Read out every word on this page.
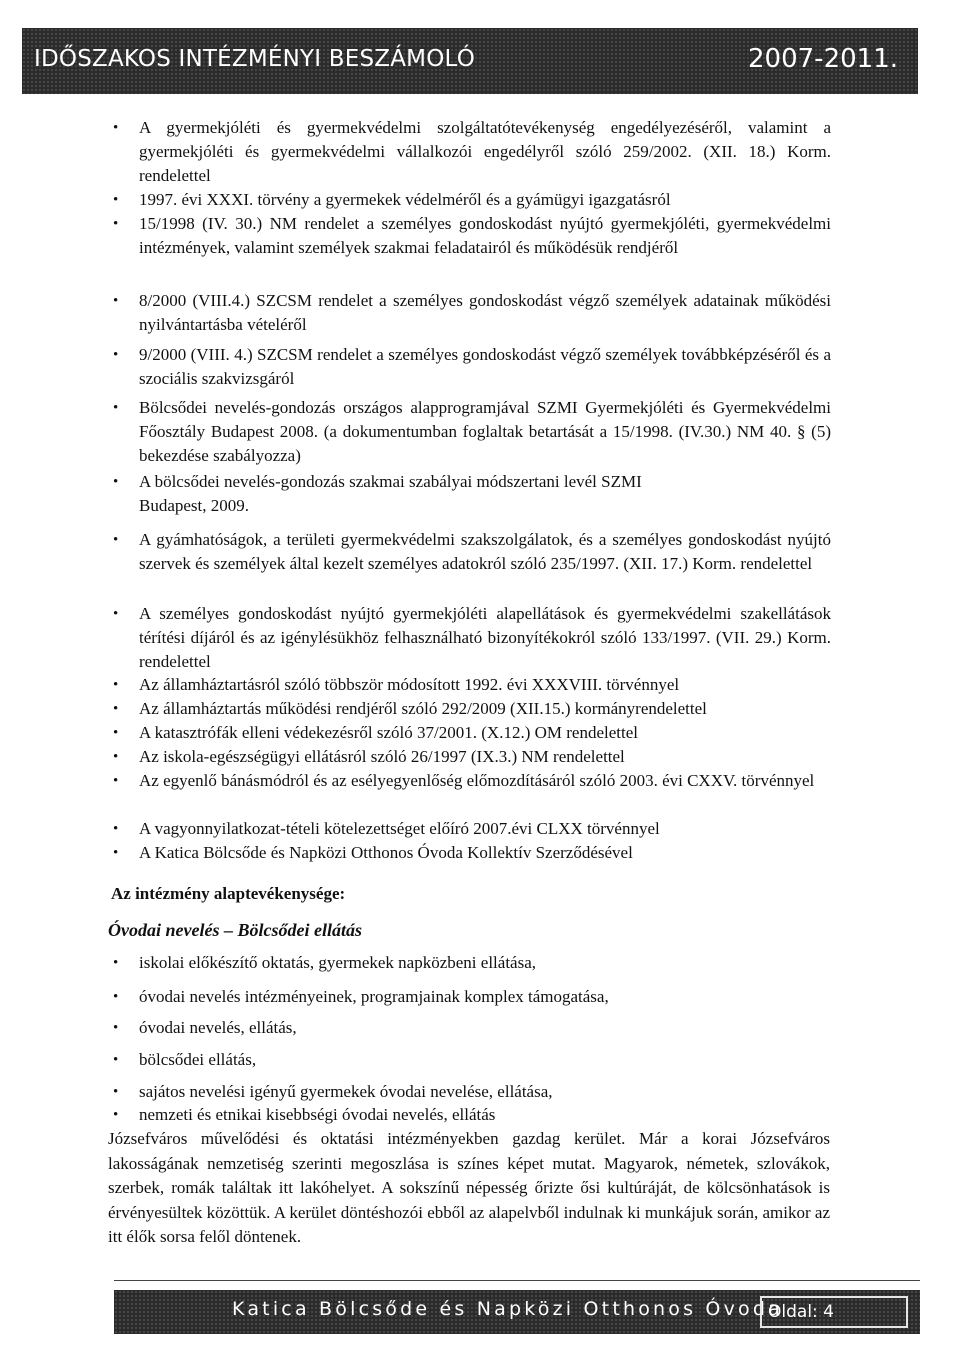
IDŐSZAKOS INTÉZMÉNYI BESZÁMOLÓ	2007-2011.
• A gyermekjóléti és gyermekvédelmi szolgáltatótevékenység engedélyezéséről, valamint a gyermekjóléti és gyermekvédelmi vállalkozói engedélyről szóló 259/2002. (XII. 18.) Korm. rendelettel
• 1997. évi XXXI. törvény a gyermekek védelméről és a gyámügyi igazgatásról
• 15/1998 (IV. 30.) NM rendelet a személyes gondoskodást nyújtó gyermekjóléti, gyermekvédelmi intézmények, valamint személyek szakmai feladatairól és működésük rendjéről
• 8/2000 (VIII.4.) SZCSM rendelet a személyes gondoskodást végző személyek adatainak működési nyilvántartásba vételéről
• 9/2000 (VIII. 4.) SZCSM rendelet a személyes gondoskodást végző személyek továbbképzéséről és a szociális szakvizsgáról
• Bölcsődei nevelés-gondozás országos alapprogramjával SZMI Gyermekjóléti és Gyermekvédelmi Főosztály Budapest 2008. (a dokumentumban foglaltak betartását a 15/1998. (IV.30.) NM 40. § (5) bekezdése szabályozza)
• A bölcsődei nevelés-gondozás szakmai szabályai módszertani levél SZMI Budapest, 2009.
• A gyámhatóságok, a területi gyermekvédelmi szakszolgálatok, és a személyes gondoskodást nyújtó szervek és személyek által kezelt személyes adatokról szóló 235/1997. (XII. 17.) Korm. rendelettel
• A személyes gondoskodást nyújtó gyermekjóléti alapellátások és gyermekvédelmi szakellátások térítési díjáról és az igénylésükhöz felhasználható bizonyítékokról szóló 133/1997. (VII. 29.) Korm. rendelettel
• Az államháztartásról szóló többször módosított 1992. évi XXXVIII. törvénnyel
• Az államháztartás működési rendjéről szóló 292/2009 (XII.15.) kormányrendelettel
• A katasztrófák elleni védekezésről szóló 37/2001. (X.12.) OM rendelettel
• Az iskola-egészségügyi ellátásról szóló 26/1997 (IX.3.) NM rendelettel
• Az egyenlő bánásmódról és az esélyegyenlőség előmozdításáról szóló 2003. évi CXXV. törvénnyel
• A vagyonnyilatkozat-tételi kötelezettséget előíró 2007.évi CLXX törvénnyel
• A Katica Bölcsőde és Napközi Otthonos Óvoda Kollektív Szerződésével
Az intézmény alaptevékenysége:
Óvodai nevelés – Bölcsődei ellátás
• iskolai előkészítő oktatás, gyermekek napközbeni ellátása,
• óvodai nevelés intézményeinek, programjainak komplex támogatása,
• óvodai nevelés, ellátás,
• bölcsődei ellátás,
• sajátos nevelési igényű gyermekek óvodai nevelése, ellátása,
• nemzeti és etnikai kisebbségi óvodai nevelés, ellátás
Józsefváros művelődési és oktatási intézményekben gazdag kerület. Már a korai Józsefváros lakosságának nemzetiség szerinti megoszlása is színes képet mutat. Magyarok, németek, szlovákok, szerbek, romák találtak itt lakóhelyet. A sokszínű népesség őrizte ősi kultúráját, de kölcsönhatások is érvényesültek közöttük. A kerület döntéshozói ebből az alapelvből indulnak ki munkájuk során, amikor az itt élők sorsa felől döntenek.
Katica Bölcsőde és Napközi Otthonos Óvoda
Oldal: 4
